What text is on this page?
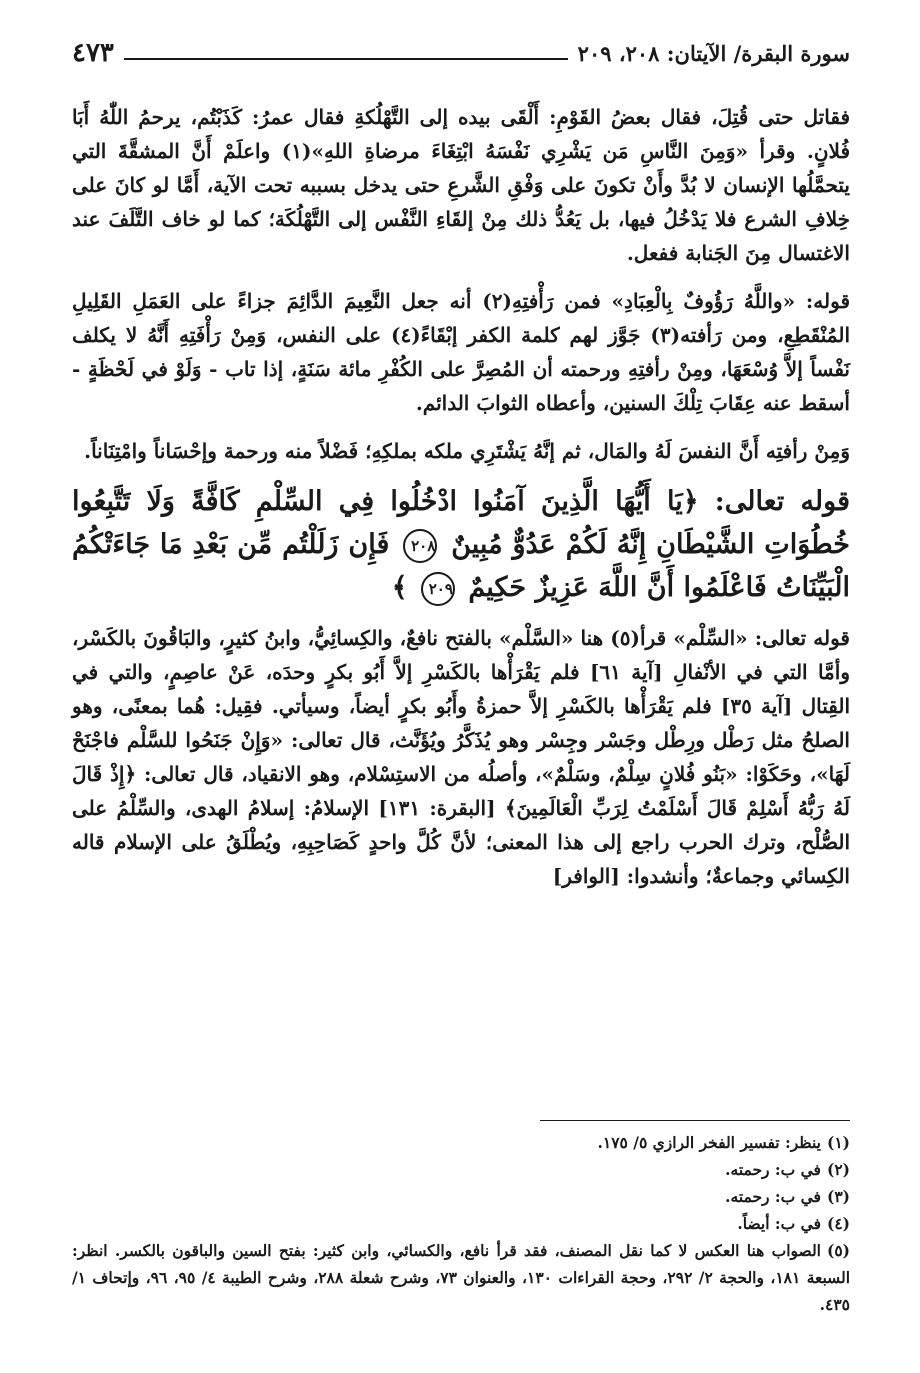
سورة البقرة/ الآيتان: ٢٠٨، ٢٠٩
٤٧٣

فقاتل حتى قُتِلَ، فقال بعضُ القَوْمِ: أَلْقَى بيده إلى التَّهْلُكةِ فقال عمرُ: كَذَبْتُم، يرحمُ اللّٰهُ أَبَا فُلانٍ. وقرأ «وَمِنَ النَّاسِ مَن يَشْرِي نَفْسَهُ ابْتِغَاءَ مرضاةِ اللهِ»(١) واعلَمْ أَنَّ المشقَّةَ التي يتحمَّلُها الإنسان لا بُدَّ وأَنْ تكونَ على وَفْقِ الشَّرعِ حتى يدخل بسببه تحت الآية، أَمَّا لو كانَ على خِلافِ الشرع فلا يَدْخُلُ فيها، بل يَعُدُّ ذلك مِنْ إلقَاءِ النَّفْس إلى التَّهْلُكَة؛ كما لو خاف التَّلَفَ عند الاغتسال مِنَ الجَنابة ففعل.

قوله: «واللَّهُ رَؤُوفٌ بِالْعِبَادِ» فمن رَأْفتِهِ(٢) أنه جعل النَّعِيمَ الدَّائِمَ جزاءً على العَمَلِ القَلِيلِ المُنْقَطِعِ، ومن رَأفته(٣) جَوَّز لهم كلمة الكفر إبْقَاءً(٤) على النفس، وَمِنْ رَأْفَتِهِ أَنَّهُ لا يكلف نَفْساً إلاَّ وُسْعَهَا، ومِنْ رأفتِهِ ورحمته أن المُصِرَّ على الكُفْرِ مائة سَنَةٍ، إذا تاب - وَلَوْ في لَحْظَةٍ - أسقط عنه عِقَابَ تِلْكَ السنين، وأعطاه الثوابَ الدائم.

وَمِنْ رأفتِه أَنَّ النفسَ لَهُ والمَال، ثم إنَّهُ يَشْتَرِي ملكه بملكِهِ؛ فَضْلاً منه ورحمة وإحْسَاناً وامْتِنَاناً.

قوله تعالى: ﴿يَا أَيُّهَا الَّذِينَ آمَنُوا ادْخُلُوا فِي السِّلْمِ كَافَّةً وَلَا تَتَّبِعُوا خُطُوَاتِ الشَّيْطَانِ إِنَّهُ لَكُمْ عَدُوٌّ مُبِينٌ ٢٠٨ فَإِن زَلَلْتُم مِّن بَعْدِ مَا جَاءَتْكُمُ الْبَيِّنَاتُ فَاعْلَمُوا أَنَّ اللَّهَ عَزِيزٌ حَكِيمٌ ٢٠٩ ﴾

قوله تعالى: «السِّلْم» قرأ(٥) هنا «السَّلْم» بالفتح نافعٌ، والكِسائِيُّ، وابنُ كثيرٍ، والبَاقُونَ بالكَسْر، وأمَّا التي في الأنْفالِ [آية ٦١] فلم يَقْرَأْها بالكَسْرِ إلاَّ أَبُو بكرٍ وحدَه، عَنْ عاصِمٍ، والتي في القِتال [آية ٣٥] فلم يَقْرَأْها بالكَسْرِ إلاَّ حمزةُ وأَبُو بكرٍ أيضاً، وسيأتي. فقِيل: هُما بمعنًى، وهو الصلحُ مثل رَطْل ورِطْل وجَسْر وجِسْر وهو يُذَكَّرُ ويُؤَنَّث، قال تعالى: «وَإِنْ جَنَحُوا للسَّلْم فاجْنَحْ لَهَا»، وحَكَوْا: «بَنُو فُلانٍ سِلْمٌ، وسَلْمٌ»، وأصلُه من الاستِسْلام، وهو الانقياد، قال تعالى: ﴿إِذْ قَالَ لَهُ رَبُّهُ أَسْلِمْ قَالَ أَسْلَمْتُ لِرَبِّ الْعَالَمِينَ﴾ [البقرة: ١٣١] الإسلامُ: إسلامُ الهدى، والسِّلْمُ على الصُّلْح، وترك الحرب راجع إلى هذا المعنى؛ لأنَّ كُلَّ واحدٍ كَصَاحِبِهِ، ويُطْلَقُ على الإسلام قاله الكِسائي وجماعةٌ؛ وأنشدوا: [الوافر]

(١)ينظر: تفسير الفخر الرازي ٥/ ١٧٥.

(٢)في ب: رحمته.

(٣)في ب: رحمته.

(٤)في ب: أيضاً.

(٥)الصواب هنا العكس لا كما نقل المصنف، فقد قرأ نافع، والكسائي، وابن كثير: بفتح السين والباقون بالكسر. انظر: السبعة ١٨١، والحجة ٢/ ٢٩٢، وحجة القراءات ١٣٠، والعنوان ٧٣، وشرح شعلة ٢٨٨، وشرح الطيبة ٤/ ٩٥، ٩٦، وإتحاف ١/ ٤٣٥.
